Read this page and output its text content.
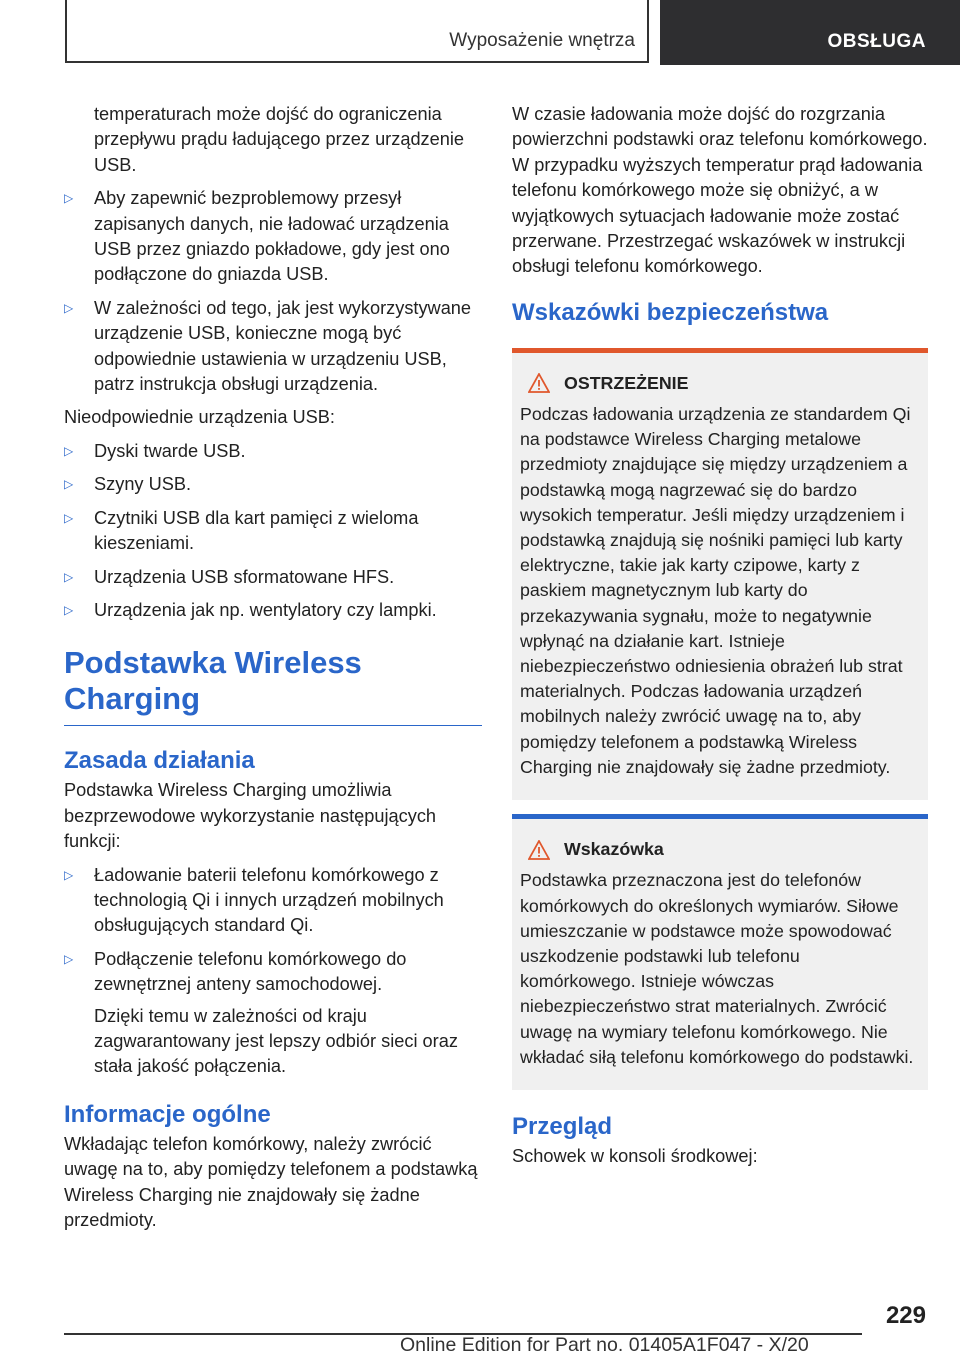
Wyposażenie wnętrza	OBSŁUGA

temperaturach może dojść do ograniczenia przepływu prądu ładującego przez urządzenie USB.

▷ Aby zapewnić bezproblemowy przesył zapisanych danych, nie ładować urządzenia USB przez gniazdo pokładowe, gdy jest ono podłączone do gniazda USB.
▷ W zależności od tego, jak jest wykorzystywane urządzenie USB, konieczne mogą być odpowiednie ustawienia w urządzeniu USB, patrz instrukcja obsługi urządzenia.

Nieodpowiednie urządzenia USB:

▷ Dyski twarde USB.
▷ Szyny USB.
▷ Czytniki USB dla kart pamięci z wieloma kieszeniami.
▷ Urządzenia USB sformatowane HFS.
▷ Urządzenia jak np. wentylatory czy lampki.
Podstawka Wireless Charging
Zasada działania

Podstawka Wireless Charging umożliwia bezprzewodowe wykorzystanie następujących funkcji:

▷ Ładowanie baterii telefonu komórkowego z technologią Qi i innych urządzeń mobilnych obsługujących standard Qi.
▷ Podłączenie telefonu komórkowego do zewnętrznej anteny samochodowej.

Dzięki temu w zależności od kraju zagwarantowany jest lepszy odbiór sieci oraz stała jakość połączenia.

Informacje ogólne

Wkładając telefon komórkowy, należy zwrócić uwagę na to, aby pomiędzy telefonem a podstawką Wireless Charging nie znajdowały się żadne przedmioty.

W czasie ładowania może dojść do rozgrzania powierzchni podstawki oraz telefonu komórkowego. W przypadku wyższych temperatur prąd ładowania telefonu komórkowego może się obniżyć, a w wyjątkowych sytuacjach ładowanie może zostać przerwane. Przestrzegać wskazówek w instrukcji obsługi telefonu komórkowego.

Wskazówki bezpieczeństwa
OSTRZEŻENIE

Podczas ładowania urządzenia ze standardem Qi na podstawce Wireless Charging metalowe przedmioty znajdujące się między urządzeniem a podstawką mogą nagrzewać się do bardzo wysokich temperatur. Jeśli między urządzeniem i podstawką znajdują się nośniki pamięci lub karty elektryczne, takie jak karty czipowe, karty z paskiem magnetycznym lub karty do przekazywania sygnału, może to negatywnie wpłynąć na działanie kart. Istnieje niebezpieczeństwo odniesienia obrażeń lub strat materialnych. Podczas ładowania urządzeń mobilnych należy zwrócić uwagę na to, aby pomiędzy telefonem a podstawką Wireless Charging nie znajdowały się żadne przedmioty.

Wskazówka

Podstawka przeznaczona jest do telefonów komórkowych do określonych wymiarów. Siłowe umieszczanie w podstawce może spowodować uszkodzenie podstawki lub telefonu komórkowego. Istnieje wówczas niebezpieczeństwo strat materialnych. Zwrócić uwagę na wymiary telefonu komórkowego. Nie wkładać siłą telefonu komórkowego do podstawki.

Przegląd

Schowek w konsoli środkowej:

229
Online Edition for Part no. 01405A1F047 - X/20
